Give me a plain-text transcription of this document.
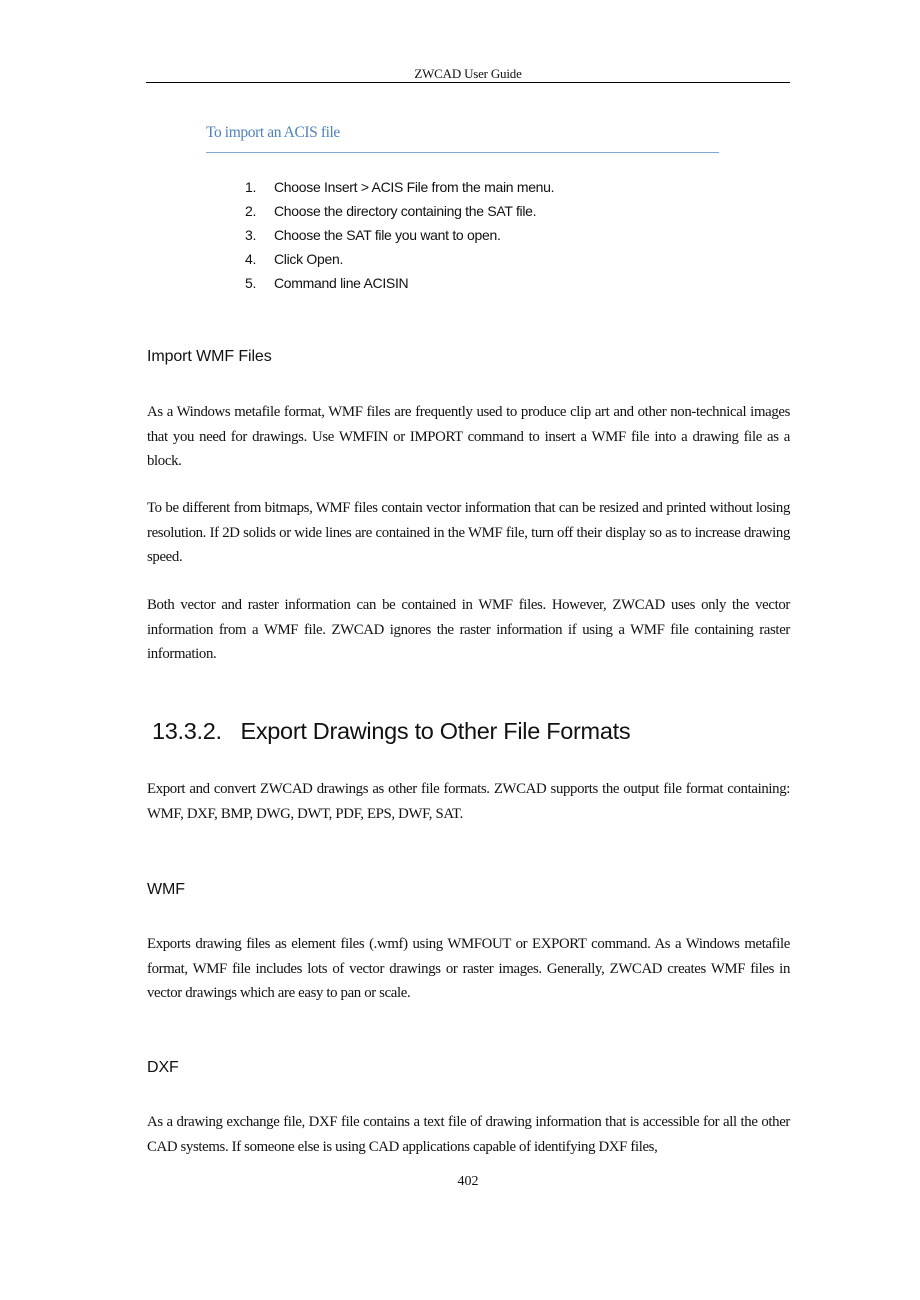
ZWCAD User Guide
To import an ACIS file
1.	Choose Insert > ACIS File from the main menu.
2.	Choose the directory containing the SAT file.
3.	Choose the SAT file you want to open.
4.	Click Open.
5.	Command line ACISIN
Import WMF Files

As a Windows metafile format, WMF files are frequently used to produce clip art and other non-technical images that you need for drawings. Use WMFIN or IMPORT command to insert a WMF file into a drawing file as a block.

To be different from bitmaps, WMF files contain vector information that can be resized and printed without losing resolution. If 2D solids or wide lines are contained in the WMF file, turn off their display so as to increase drawing speed.

Both vector and raster information can be contained in WMF files. However, ZWCAD uses only the vector information from a WMF file. ZWCAD ignores the raster information if using a WMF file containing raster information.

13.3.2.   Export Drawings to Other File Formats

Export and convert ZWCAD drawings as other file formats. ZWCAD supports the output file format containing: WMF, DXF, BMP, DWG, DWT, PDF, EPS, DWF, SAT.

WMF

Exports drawing files as element files (.wmf) using WMFOUT or EXPORT command. As a Windows metafile format, WMF file includes lots of vector drawings or raster images. Generally, ZWCAD creates WMF files in vector drawings which are easy to pan or scale.

DXF

As a drawing exchange file, DXF file contains a text file of drawing information that is accessible for all the other CAD systems. If someone else is using CAD applications capable of identifying DXF files,

402
